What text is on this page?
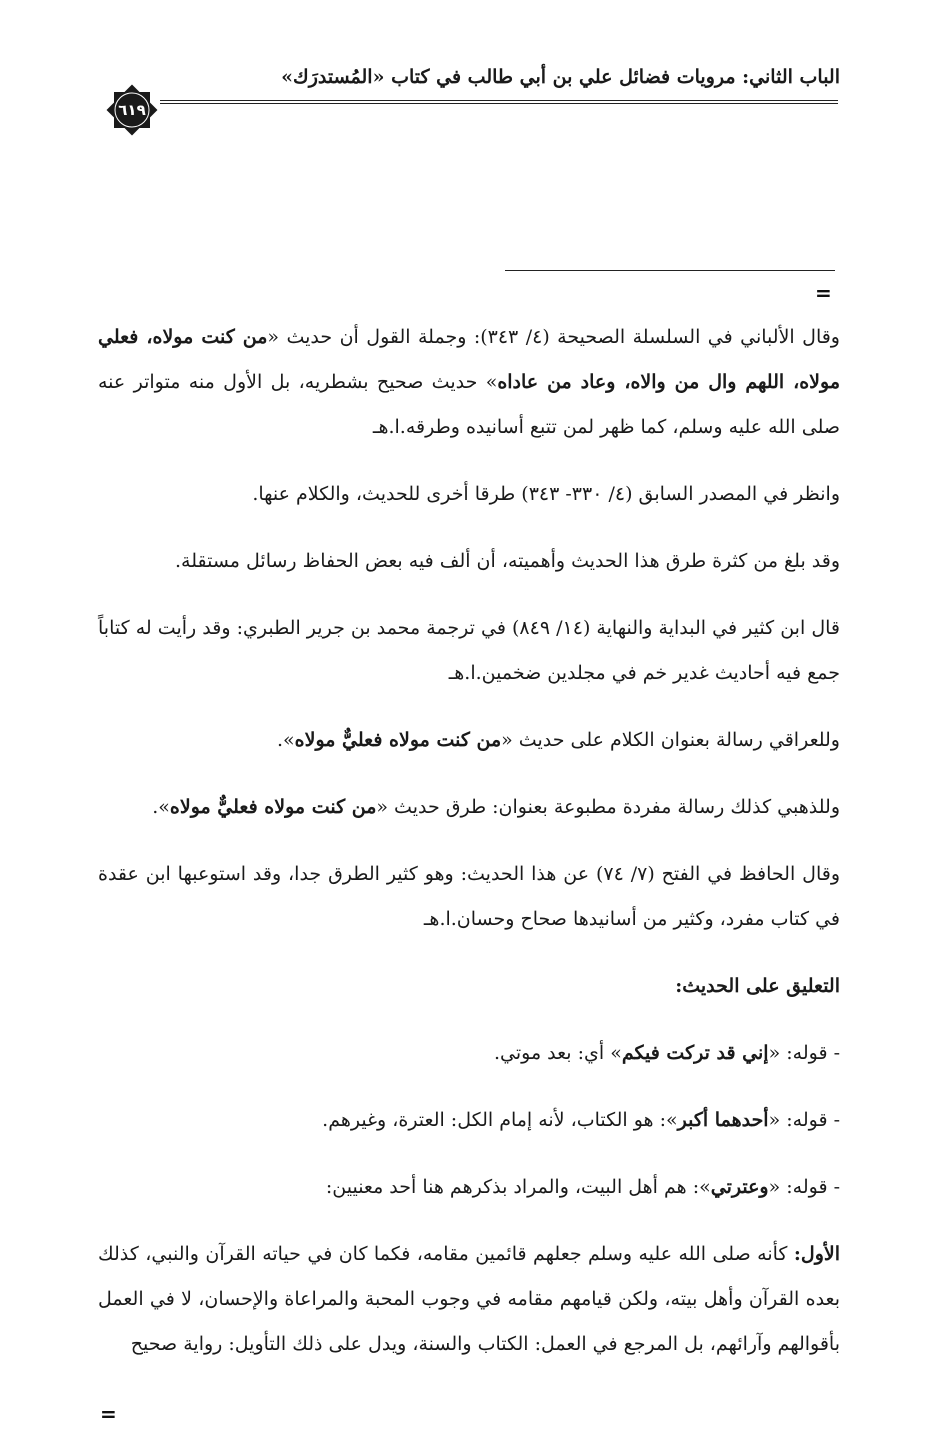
الباب الثاني: مرويات فضائل علي بن أبي طالب في كتاب «المُستدرَك»
٦١٩
=

وقال الألباني في السلسلة الصحيحة (٤/ ٣٤٣): وجملة القول أن حديث «من كنت مولاه، فعلي مولاه، اللهم وال من والاه، وعاد من عاداه» حديث صحيح بشطريه، بل الأول منه متواتر عنه صلى الله عليه وسلم، كما ظهر لمن تتبع أسانيده وطرقه.ا.هـ

وانظر في المصدر السابق (٤/ ٣٣٠- ٣٤٣) طرقا أخرى للحديث، والكلام عنها.

وقد بلغ من كثرة طرق هذا الحديث وأهميته، أن ألف فيه بعض الحفاظ رسائل مستقلة.

قال ابن كثير في البداية والنهاية (١٤/ ٨٤٩) في ترجمة محمد بن جرير الطبري: وقد رأيت له كتاباً جمع فيه أحاديث غدير خم في مجلدين ضخمين.ا.هـ

وللعراقي رسالة بعنوان الكلام على حديث «من كنت مولاه فعليٌّ مولاه».

وللذهبي كذلك رسالة مفردة مطبوعة بعنوان: طرق حديث «من كنت مولاه فعليٌّ مولاه».

وقال الحافظ في الفتح (٧/ ٧٤) عن هذا الحديث: وهو كثير الطرق جدا، وقد استوعبها ابن عقدة في كتاب مفرد، وكثير من أسانيدها صحاح وحسان.ا.هـ

التعليق على الحديث:

- قوله: «إني قد تركت فيكم» أي: بعد موتي.

- قوله: «أحدهما أكبر»: هو الكتاب، لأنه إمام الكل: العترة، وغيرهم.

- قوله: «وعترتي»: هم أهل البيت، والمراد بذكرهم هنا أحد معنيين:

الأول: كأنه صلى الله عليه وسلم جعلهم قائمين مقامه، فكما كان في حياته القرآن والنبي، كذلك بعده القرآن وأهل بيته، ولكن قيامهم مقامه في وجوب المحبة والمراعاة والإحسان، لا في العمل بأقوالهم وآرائهم، بل المرجع في العمل: الكتاب والسنة، ويدل على ذلك التأويل: رواية صحيح

=
